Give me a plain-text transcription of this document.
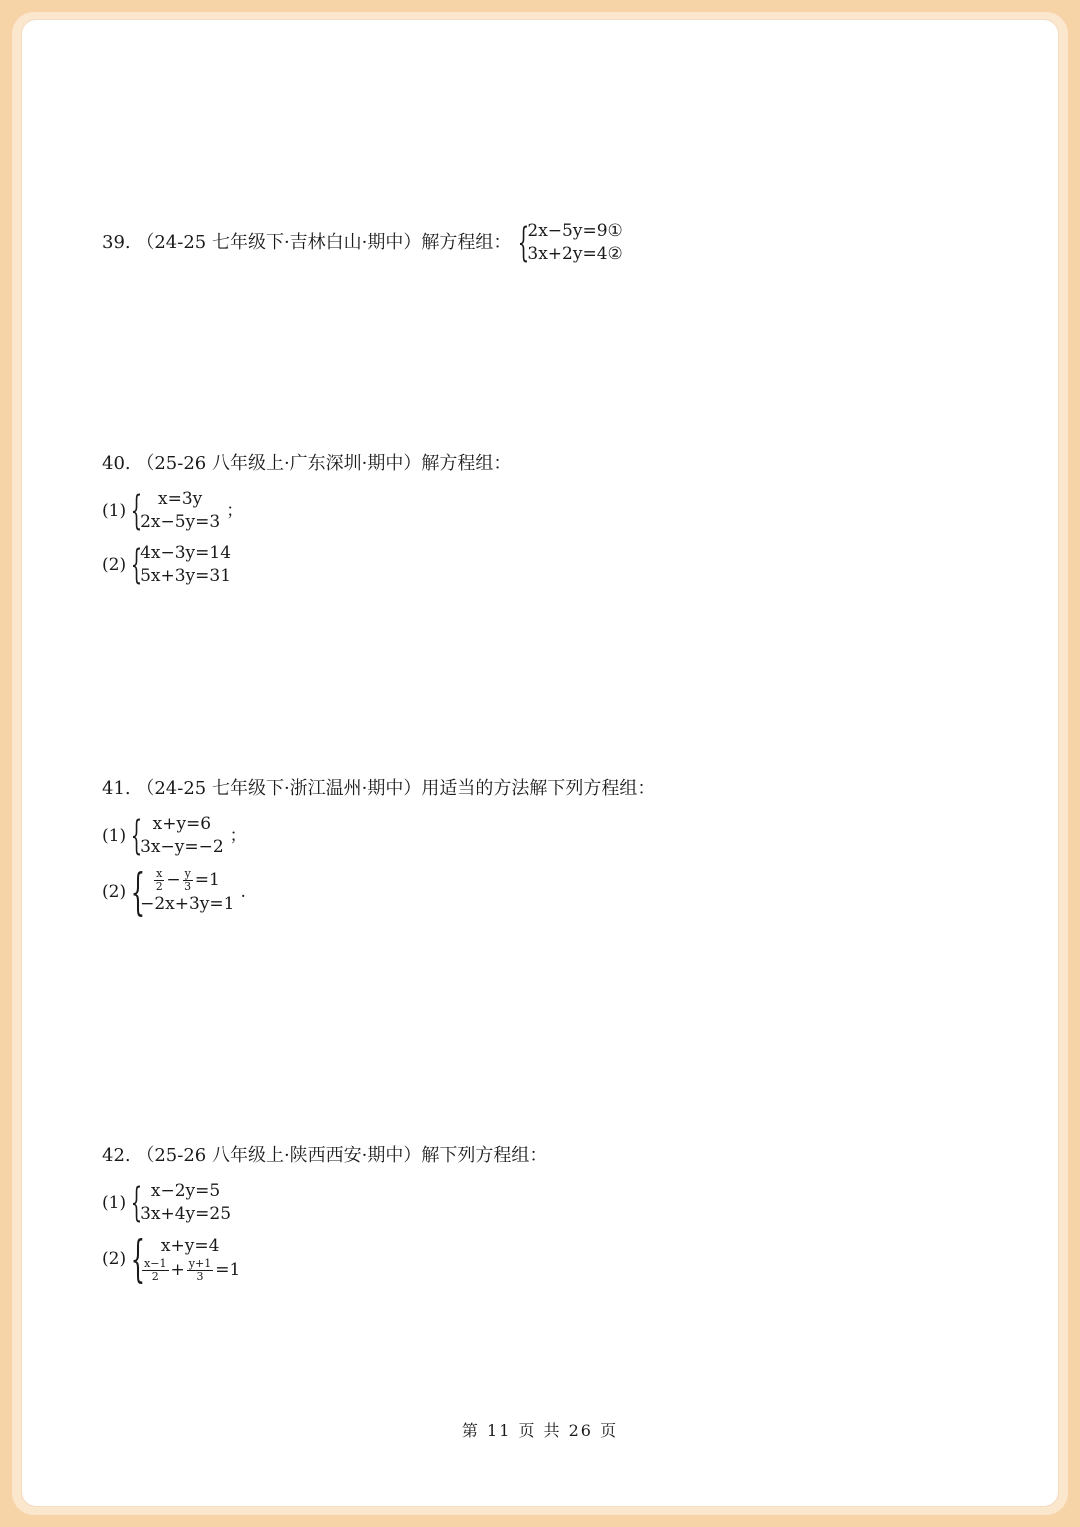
39. （24-25 七年级下·吉林白山·期中）解方程组： {
2x−5y=9①
3x+2y=4②
40. （25-26 八年级上·广东深圳·期中）解方程组：
(1) { x=3y
2x−5y=3
；
(2) {
4x−3y=14
5x+3y=31
41. （24-25 七年级下·浙江温州·期中）用适当的方法解下列方程组：
(1) { x+y=6
3x−y=−2
；
(2) { $\frac{x}{2} - \frac{y}{3} =1$
−2x+3y=1
.
42. （25-26 八年级上·陕西西安·期中）解下列方程组：
(1) { x−2y=5
3x+4y=25
(2) { x+y=4
$\frac{x-1}{2} + \frac{y+1}{3} =1$
第 11 页 共 26 页
